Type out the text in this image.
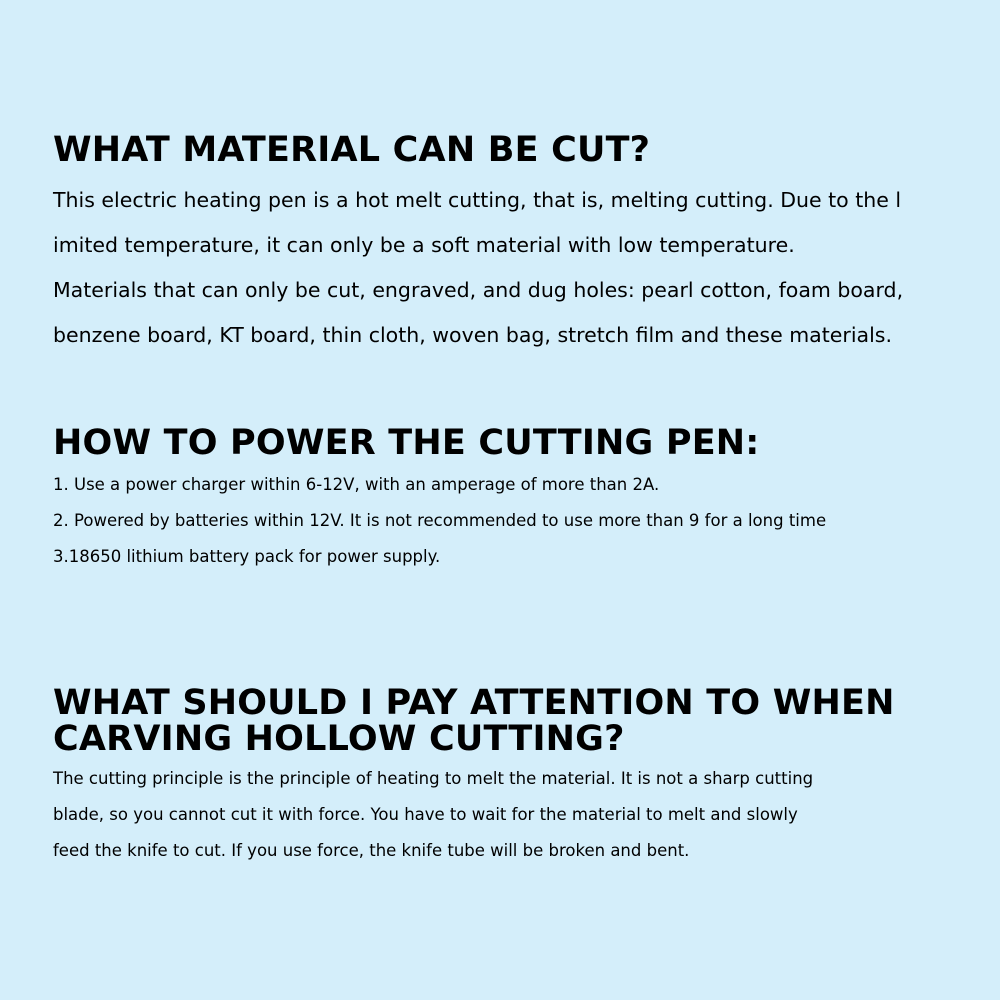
WHAT MATERIAL CAN BE CUT?
This electric heating pen is a hot melt cutting, that is, melting cutting. Due to the l
imited temperature, it can only be a soft material with low temperature.
Materials that can only be cut, engraved, and dug holes: pearl cotton, foam board,
benzene board, KT board, thin cloth, woven bag, stretch film and these materials.
HOW TO POWER THE CUTTING PEN:
1. Use a power charger within 6-12V, with an amperage of more than 2A.
2. Powered by batteries within 12V. It is not recommended to use more than 9 for a long time
3.18650 lithium battery pack for power supply.
WHAT SHOULD I PAY ATTENTION TO WHEN
CARVING HOLLOW CUTTING?
The cutting principle is the principle of heating to melt the material. It is not a sharp cutting
blade, so you cannot cut it with force. You have to wait for the material to melt and slowly
feed the knife to cut. If you use force, the knife tube will be broken and bent.
